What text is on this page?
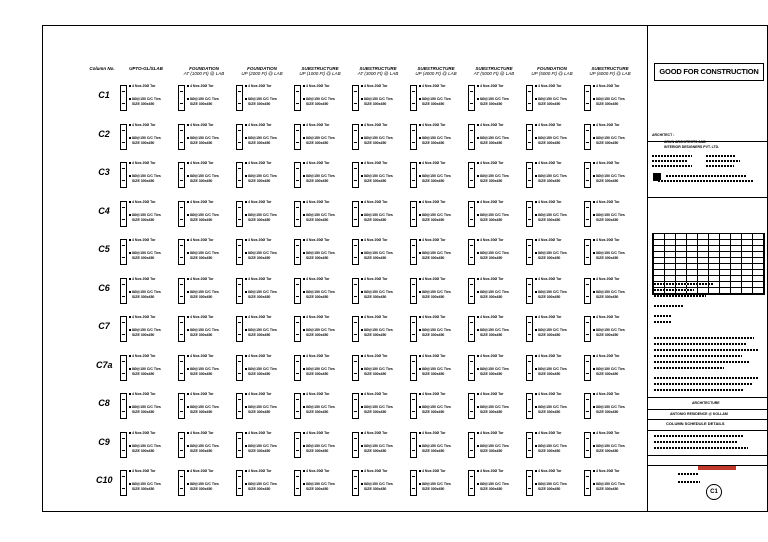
Column No.	UPTO-GL/SLAB	FOUNDATION
AT (1000 Ft) @ LAB
FOUNDATION
UP (2000 Ft) @ LAB
SUBSTRUCTURE
UP (1000 Ft) @ LAB
SUBSTRUCTURE
AT (3000 Ft) @ LAB
SUBSTRUCTURE
UP (4000 Ft) @ LAB
SUBSTRUCTURE
AT (5000 Ft) @ LAB
FOUNDATION
UP (5000 Ft) @ LAB
SUBSTRUCTURE
UP (6000 Ft) @ LAB
C1
4 Nos 20Ø Tor
8Ø@150 C/C Ties
SIZE 300x450
4 Nos 20Ø Tor
8Ø@150 C/C Ties
SIZE 300x450
4 Nos 20Ø Tor
8Ø@150 C/C Ties
SIZE 300x450
4 Nos 20Ø Tor
8Ø@150 C/C Ties
SIZE 300x450
4 Nos 20Ø Tor
8Ø@150 C/C Ties
SIZE 300x450
4 Nos 20Ø Tor
8Ø@150 C/C Ties
SIZE 300x450
4 Nos 20Ø Tor
8Ø@150 C/C Ties
SIZE 300x450
4 Nos 20Ø Tor
8Ø@150 C/C Ties
SIZE 300x450
4 Nos 20Ø Tor
8Ø@150 C/C Ties
SIZE 300x450
C2
4 Nos 20Ø Tor
8Ø@150 C/C Ties
SIZE 300x450
4 Nos 20Ø Tor
8Ø@150 C/C Ties
SIZE 300x450
4 Nos 20Ø Tor
8Ø@150 C/C Ties
SIZE 300x450
4 Nos 20Ø Tor
8Ø@150 C/C Ties
SIZE 300x450
4 Nos 20Ø Tor
8Ø@150 C/C Ties
SIZE 300x450
4 Nos 20Ø Tor
8Ø@150 C/C Ties
SIZE 300x450
4 Nos 20Ø Tor
8Ø@150 C/C Ties
SIZE 300x450
4 Nos 20Ø Tor
8Ø@150 C/C Ties
SIZE 300x450
4 Nos 20Ø Tor
8Ø@150 C/C Ties
SIZE 300x450
C3
4 Nos 20Ø Tor
8Ø@150 C/C Ties
SIZE 300x450
4 Nos 20Ø Tor
8Ø@150 C/C Ties
SIZE 300x450
4 Nos 20Ø Tor
8Ø@150 C/C Ties
SIZE 300x450
4 Nos 20Ø Tor
8Ø@150 C/C Ties
SIZE 300x450
4 Nos 20Ø Tor
8Ø@150 C/C Ties
SIZE 300x450
4 Nos 20Ø Tor
8Ø@150 C/C Ties
SIZE 300x450
4 Nos 20Ø Tor
8Ø@150 C/C Ties
SIZE 300x450
4 Nos 20Ø Tor
8Ø@150 C/C Ties
SIZE 300x450
4 Nos 20Ø Tor
8Ø@150 C/C Ties
SIZE 300x450
C4
4 Nos 20Ø Tor
8Ø@150 C/C Ties
SIZE 300x450
4 Nos 20Ø Tor
8Ø@150 C/C Ties
SIZE 300x450
4 Nos 20Ø Tor
8Ø@150 C/C Ties
SIZE 300x450
4 Nos 20Ø Tor
8Ø@150 C/C Ties
SIZE 300x450
4 Nos 20Ø Tor
8Ø@150 C/C Ties
SIZE 300x450
4 Nos 20Ø Tor
8Ø@150 C/C Ties
SIZE 300x450
4 Nos 20Ø Tor
8Ø@150 C/C Ties
SIZE 300x450
4 Nos 20Ø Tor
8Ø@150 C/C Ties
SIZE 300x450
4 Nos 20Ø Tor
8Ø@150 C/C Ties
SIZE 300x450
C5
4 Nos 20Ø Tor
8Ø@150 C/C Ties
SIZE 300x450
4 Nos 20Ø Tor
8Ø@150 C/C Ties
SIZE 300x450
4 Nos 20Ø Tor
8Ø@150 C/C Ties
SIZE 300x450
4 Nos 20Ø Tor
8Ø@150 C/C Ties
SIZE 300x450
4 Nos 20Ø Tor
8Ø@150 C/C Ties
SIZE 300x450
4 Nos 20Ø Tor
8Ø@150 C/C Ties
SIZE 300x450
4 Nos 20Ø Tor
8Ø@150 C/C Ties
SIZE 300x450
4 Nos 20Ø Tor
8Ø@150 C/C Ties
SIZE 300x450
4 Nos 20Ø Tor
8Ø@150 C/C Ties
SIZE 300x450
C6
4 Nos 20Ø Tor
8Ø@150 C/C Ties
SIZE 300x450
4 Nos 20Ø Tor
8Ø@150 C/C Ties
SIZE 300x450
4 Nos 20Ø Tor
8Ø@150 C/C Ties
SIZE 300x450
4 Nos 20Ø Tor
8Ø@150 C/C Ties
SIZE 300x450
4 Nos 20Ø Tor
8Ø@150 C/C Ties
SIZE 300x450
4 Nos 20Ø Tor
8Ø@150 C/C Ties
SIZE 300x450
4 Nos 20Ø Tor
8Ø@150 C/C Ties
SIZE 300x450
4 Nos 20Ø Tor
8Ø@150 C/C Ties
SIZE 300x450
4 Nos 20Ø Tor
8Ø@150 C/C Ties
SIZE 300x450
C7
4 Nos 20Ø Tor
8Ø@150 C/C Ties
SIZE 300x450
4 Nos 20Ø Tor
8Ø@150 C/C Ties
SIZE 300x450
4 Nos 20Ø Tor
8Ø@150 C/C Ties
SIZE 300x450
4 Nos 20Ø Tor
8Ø@150 C/C Ties
SIZE 300x450
4 Nos 20Ø Tor
8Ø@150 C/C Ties
SIZE 300x450
4 Nos 20Ø Tor
8Ø@150 C/C Ties
SIZE 300x450
4 Nos 20Ø Tor
8Ø@150 C/C Ties
SIZE 300x450
4 Nos 20Ø Tor
8Ø@150 C/C Ties
SIZE 300x450
4 Nos 20Ø Tor
8Ø@150 C/C Ties
SIZE 300x450
C7a
4 Nos 20Ø Tor
8Ø@150 C/C Ties
SIZE 300x450
4 Nos 20Ø Tor
8Ø@150 C/C Ties
SIZE 300x450
4 Nos 20Ø Tor
8Ø@150 C/C Ties
SIZE 300x450
4 Nos 20Ø Tor
8Ø@150 C/C Ties
SIZE 300x450
4 Nos 20Ø Tor
8Ø@150 C/C Ties
SIZE 300x450
4 Nos 20Ø Tor
8Ø@150 C/C Ties
SIZE 300x450
4 Nos 20Ø Tor
8Ø@150 C/C Ties
SIZE 300x450
4 Nos 20Ø Tor
8Ø@150 C/C Ties
SIZE 300x450
4 Nos 20Ø Tor
8Ø@150 C/C Ties
SIZE 300x450
C8
4 Nos 20Ø Tor
8Ø@150 C/C Ties
SIZE 300x450
4 Nos 20Ø Tor
8Ø@150 C/C Ties
SIZE 300x450
4 Nos 20Ø Tor
8Ø@150 C/C Ties
SIZE 300x450
4 Nos 20Ø Tor
8Ø@150 C/C Ties
SIZE 300x450
4 Nos 20Ø Tor
8Ø@150 C/C Ties
SIZE 300x450
4 Nos 20Ø Tor
8Ø@150 C/C Ties
SIZE 300x450
4 Nos 20Ø Tor
8Ø@150 C/C Ties
SIZE 300x450
4 Nos 20Ø Tor
8Ø@150 C/C Ties
SIZE 300x450
4 Nos 20Ø Tor
8Ø@150 C/C Ties
SIZE 300x450
C9
4 Nos 20Ø Tor
8Ø@150 C/C Ties
SIZE 300x450
4 Nos 20Ø Tor
8Ø@150 C/C Ties
SIZE 300x450
4 Nos 20Ø Tor
8Ø@150 C/C Ties
SIZE 300x450
4 Nos 20Ø Tor
8Ø@150 C/C Ties
SIZE 300x450
4 Nos 20Ø Tor
8Ø@150 C/C Ties
SIZE 300x450
4 Nos 20Ø Tor
8Ø@150 C/C Ties
SIZE 300x450
4 Nos 20Ø Tor
8Ø@150 C/C Ties
SIZE 300x450
4 Nos 20Ø Tor
8Ø@150 C/C Ties
SIZE 300x450
4 Nos 20Ø Tor
8Ø@150 C/C Ties
SIZE 300x450
C10
4 Nos 20Ø Tor
8Ø@150 C/C Ties
SIZE 300x450
4 Nos 20Ø Tor
8Ø@150 C/C Ties
SIZE 300x450
4 Nos 20Ø Tor
8Ø@150 C/C Ties
SIZE 300x450
4 Nos 20Ø Tor
8Ø@150 C/C Ties
SIZE 300x450
4 Nos 20Ø Tor
8Ø@150 C/C Ties
SIZE 300x450
4 Nos 20Ø Tor
8Ø@150 C/C Ties
SIZE 300x450
4 Nos 20Ø Tor
8Ø@150 C/C Ties
SIZE 300x450
4 Nos 20Ø Tor
8Ø@150 C/C Ties
SIZE 300x450
4 Nos 20Ø Tor
8Ø@150 C/C Ties
SIZE 300x450
GOOD FOR CONSTRUCTION
ARCHITECT :
ARUN ARCHITECTS AND
INTERIOR DESIGNERS PVT. LTD.
ARCHITECTURE
ANTONIO RESIDENCE @ KOLLAM
COLUMN SCHEDULE DETAILS
C1
